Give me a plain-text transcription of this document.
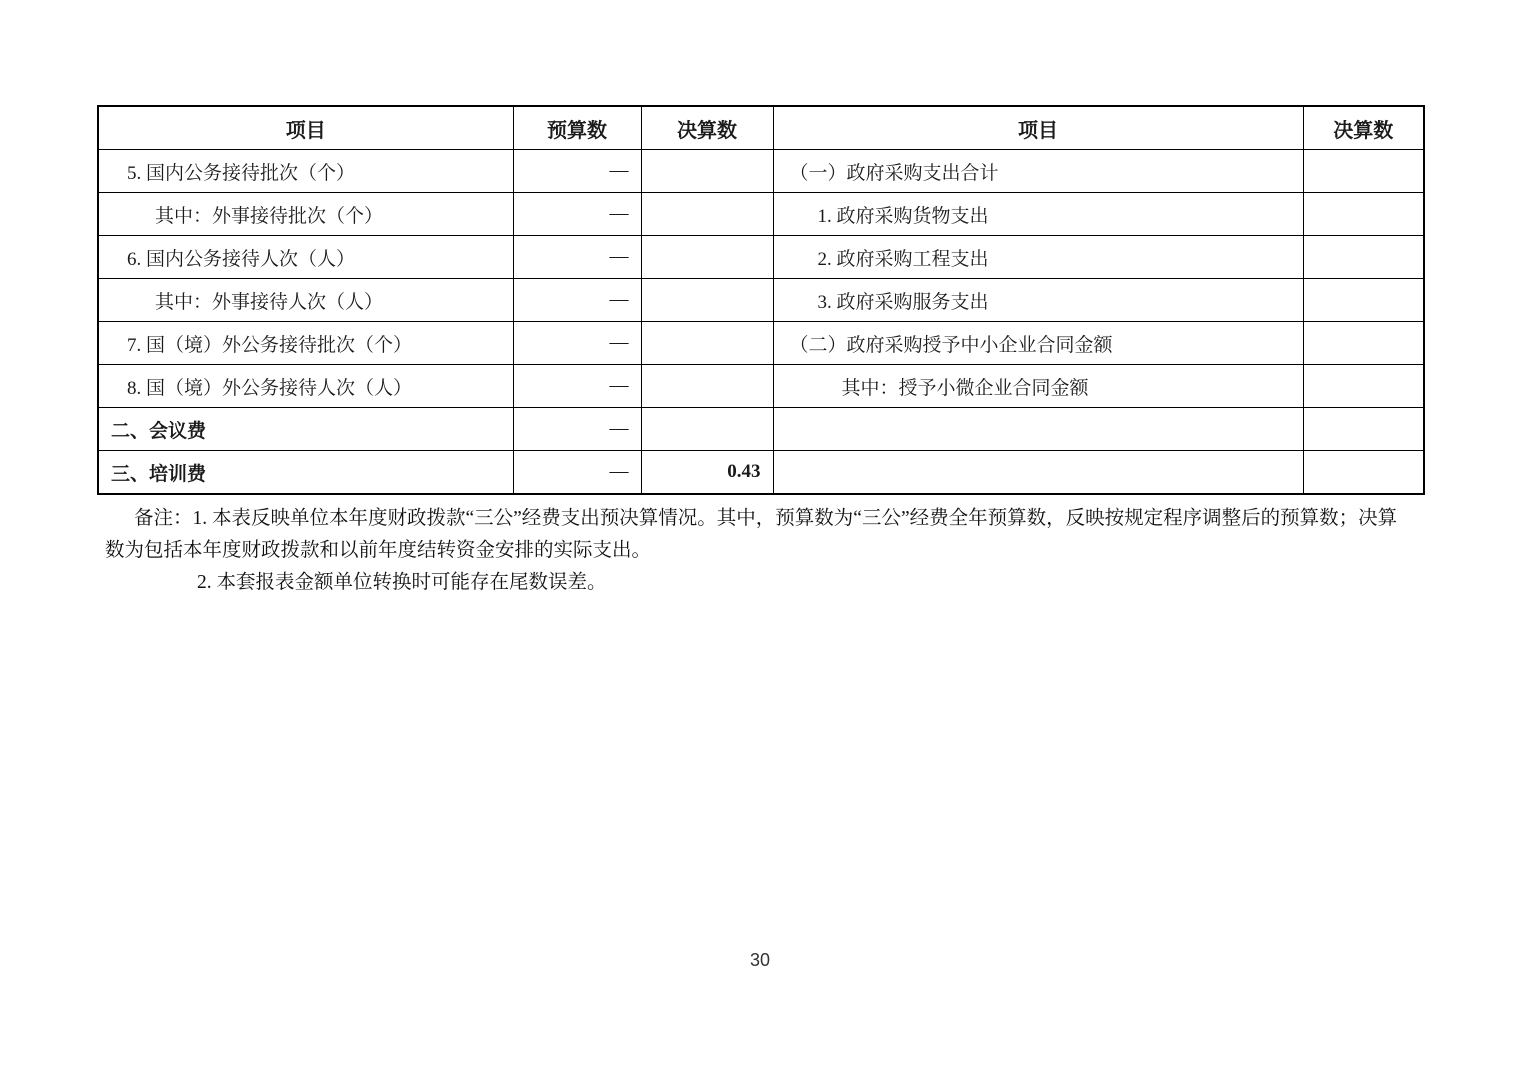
项目	预算数	决算数	项目	决算数
5. 国内公务接待批次（个）	—		（一）政府采购支出合计	
其中：外事接待批次（个）	—		1. 政府采购货物支出	
6. 国内公务接待人次（人）	—		2. 政府采购工程支出	
其中：外事接待人次（人）	—		3. 政府采购服务支出	
7. 国（境）外公务接待批次（个）	—		（二）政府采购授予中小企业合同金额	
8. 国（境）外公务接待人次（人）	—		其中：授予小微企业合同金额	
二、会议费	—			
三、培训费	—	0.43		
备注：1. 本表反映单位本年度财政拨款“三公”经费支出预决算情况。其中，预算数为“三公”经费全年预算数，反映按规定程序调整后的预算数；决算
数为包括本年度财政拨款和以前年度结转资金安排的实际支出。
2. 本套报表金额单位转换时可能存在尾数误差。
30
